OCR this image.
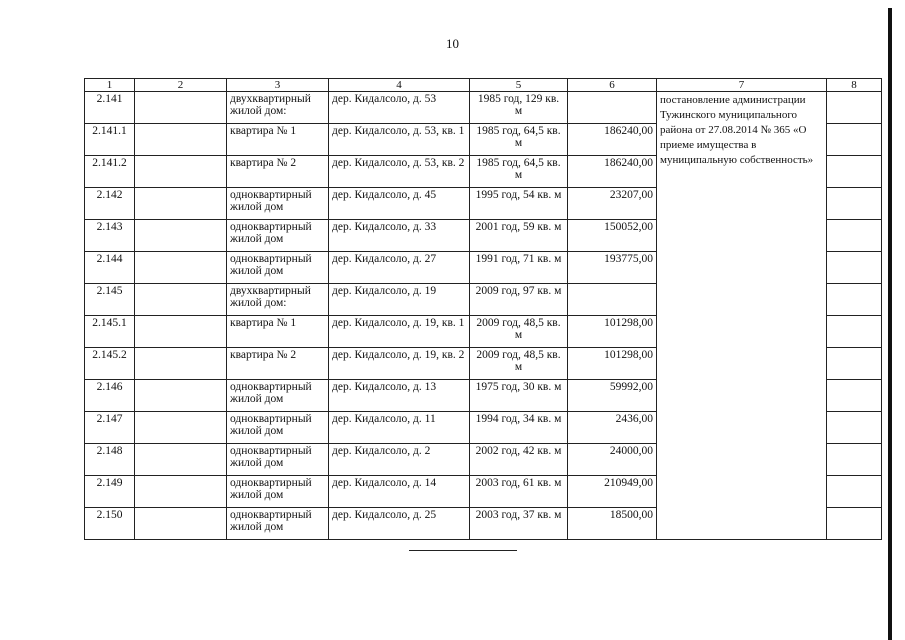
10
1	2	3	4	5	6	7	8
2.141		двухквартирный жилой дом:	дер. Кидалсоло, д. 53	1985 год, 129 кв. м		постановление администрации Тужинского муниципального района от 27.08.2014 № 365 «О приеме имущества в муниципальную собственность»	
2.141.1		квартира № 1	дер. Кидалсоло, д. 53, кв. 1	1985 год, 64,5 кв. м	186240,00		
2.141.2		квартира № 2	дер. Кидалсоло, д. 53, кв. 2	1985 год, 64,5 кв. м	186240,00		
2.142		одноквартирный жилой дом	дер. Кидалсоло, д. 45	1995 год, 54 кв. м	23207,00		
2.143		одноквартирный жилой дом	дер. Кидалсоло, д. 33	2001 год, 59 кв. м	150052,00		
2.144		одноквартирный жилой дом	дер. Кидалсоло, д. 27	1991 год, 71 кв. м	193775,00		
2.145		двухквартирный жилой дом:	дер. Кидалсоло, д. 19	2009 год, 97 кв. м			
2.145.1		квартира № 1	дер. Кидалсоло, д. 19, кв. 1	2009 год, 48,5 кв. м	101298,00		
2.145.2		квартира № 2	дер. Кидалсоло, д. 19, кв. 2	2009 год, 48,5 кв. м	101298,00		
2.146		одноквартирный жилой дом	дер. Кидалсоло, д. 13	1975 год, 30 кв. м	59992,00		
2.147		одноквартирный жилой дом	дер. Кидалсоло, д. 11	1994 год, 34 кв. м	2436,00		
2.148		одноквартирный жилой дом	дер. Кидалсоло, д. 2	2002 год, 42 кв. м	24000,00		
2.149		одноквартирный жилой дом	дер. Кидалсоло, д. 14	2003 год, 61 кв. м	210949,00		
2.150		одноквартирный жилой дом	дер. Кидалсоло, д. 25	2003 год, 37 кв. м	18500,00		
